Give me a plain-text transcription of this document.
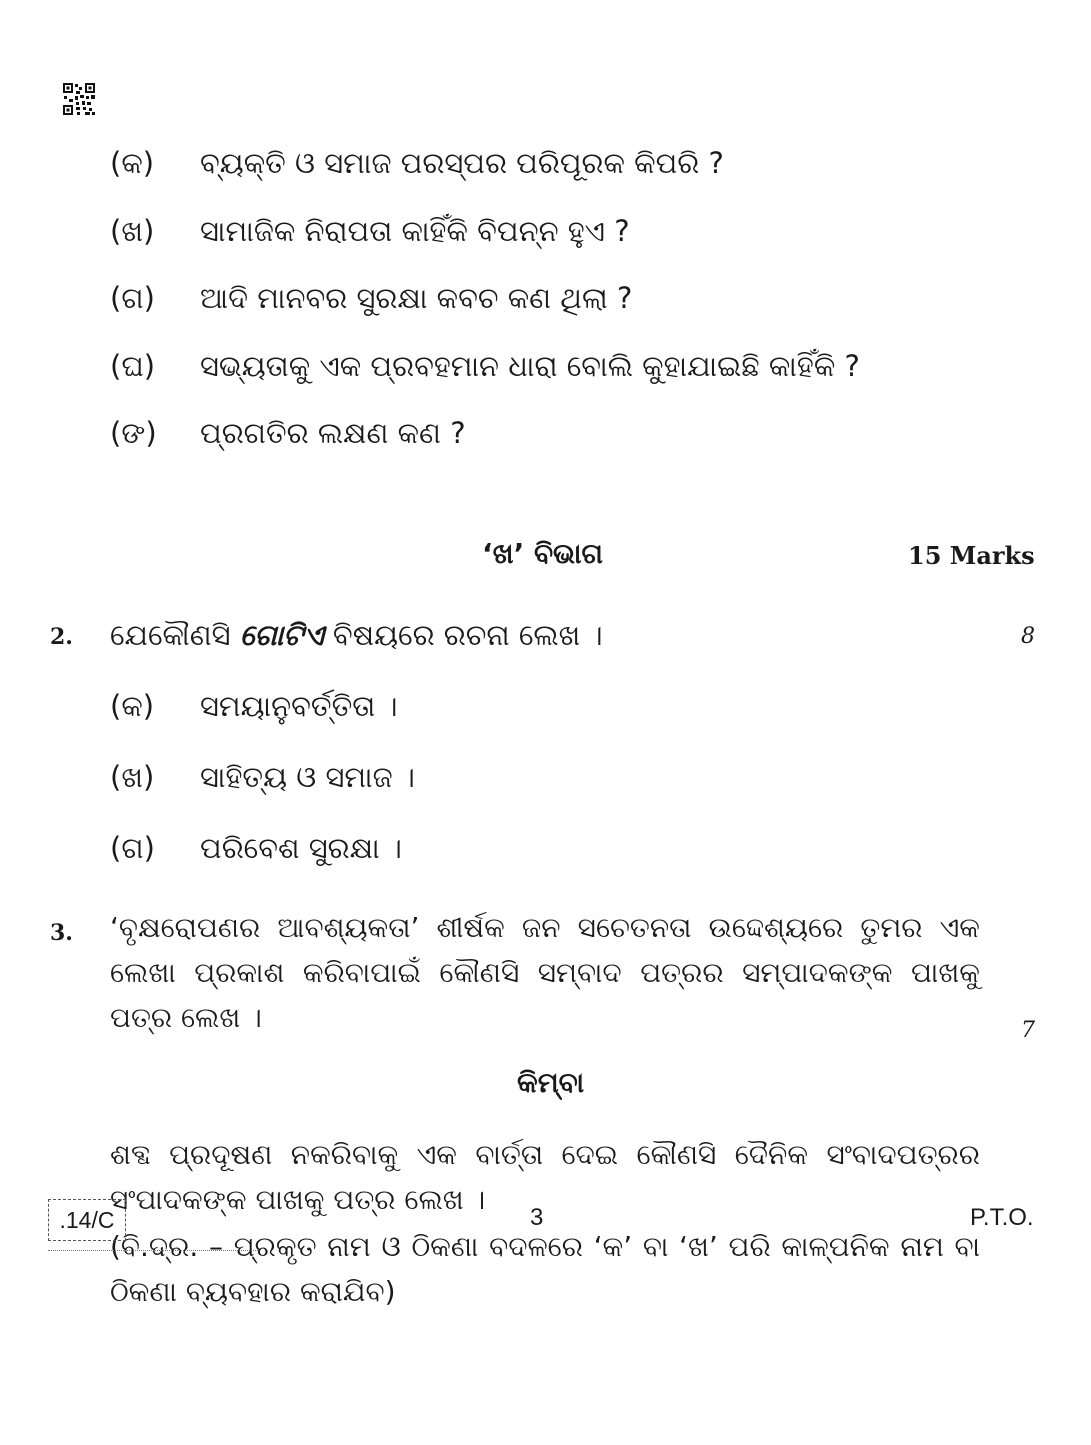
(କ) ବ୍ୟକ୍ତି ଓ ସମାଜ ପରସ୍ପର ପରିପୂରକ କିପରି ?
(ଖ) ସାମାଜିକ ନିରାପତା କାହିଁକି ବିପନ୍ନ ହୁଏ ?
(ଗ) ଆଦି ମାନବର ସୁରକ୍ଷା କବଚ କଣ ଥିଲା ?
(ଘ) ସଭ୍ୟତାକୁ ଏକ ପ୍ରବହମାନ ଧାରା ବୋଲି କୁହାଯାଇଛି କାହିଁକି ?
(ଙ) ପ୍ରଗତିର ଲକ୍ଷଣ କଣ ?
‘ଖ’ ବିଭାଗ	15 Marks
2. ଯେକୌଣସି ଗୋଟିଏ ବିଷୟରେ ରଚନା ଲେଖ ।	8
(କ) ସମୟାନୁବର୍ତ୍ତିତା ।
(ଖ) ସାହିତ୍ୟ ଓ ସମାଜ ।
(ଗ) ପରିବେଶ ସୁରକ୍ଷା ।
3. ‘ବୃକ୍ଷରୋପଣର ଆବଶ୍ୟକତା’ ଶୀର୍ଷକ ଜନ ସଚେତନତା ଉଦ୍ଦେଶ୍ୟରେ ତୁମର ଏକ ଲେଖା ପ୍ରକାଶ କରିବାପାଇଁ କୌଣସି ସମ୍ବାଦ ପତ୍ରର ସମ୍ପାଦକଙ୍କ ପାଖକୁ ପତ୍ର ଲେଖ ।	7
କିମ୍ବା
ଶବ୍ଦ ପ୍ରଦୂଷଣ ନକରିବାକୁ ଏକ ବାର୍ତ୍ତା ଦେଇ କୌଣସି ଦୈନିକ ସଂବାଦପତ୍ରର ସଂପାଦକଙ୍କ ପାଖକୁ ପତ୍ର ଲେଖ ।
(ବି.ଦ୍ର. – ପ୍ରକୃତ ନାମ ଓ ଠିକଣା ବଦଳରେ ‘କ’ ବା ‘ଖ’ ପରି କାଳ୍ପନିକ ନାମ ବା ଠିକଣା ବ୍ୟବହାର କରାଯିବ)
.14/C	3	P.T.O.
